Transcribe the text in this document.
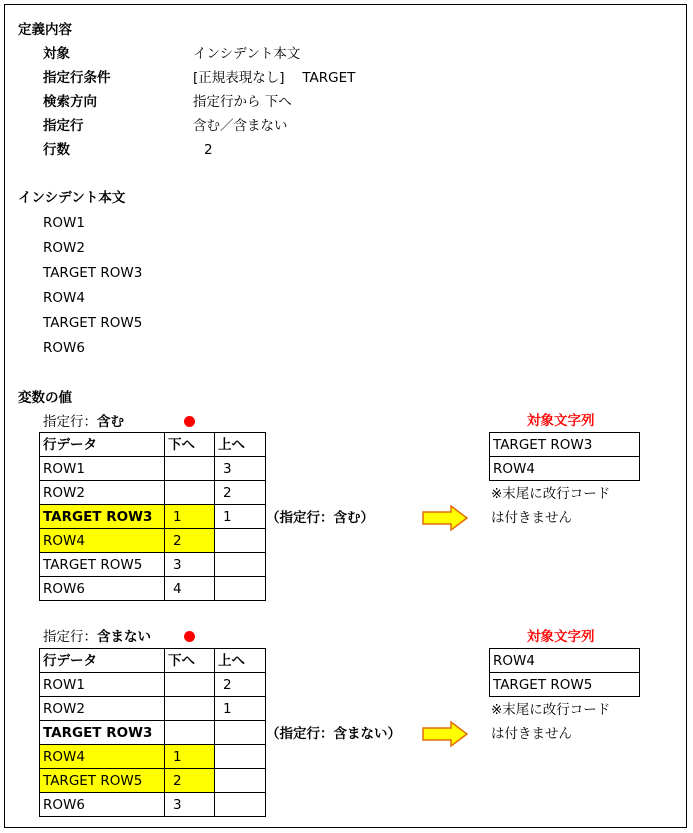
定義内容
対象	インシデント本文
指定行条件	[正規表現なし]　 TARGET
検索方向	指定行から 下へ
指定行	含む／含まない
行数	2
インシデント本文
ROW1
ROW2
TARGET ROW3
ROW4
TARGET ROW5
ROW6
変数の値
指定行：含む
行データ	下へ	上へ
ROW1		3
ROW2		2
TARGET ROW3	1	1
ROW4	2	
TARGET ROW5	3	
ROW6	4	
（指定行：含む）
対象文字列
TARGET ROW3
ROW4
※末尾に改行コード
は付きません
指定行：含まない
行データ	下へ	上へ
ROW1		2
ROW2		1
TARGET ROW3		
ROW4	1	
TARGET ROW5	2	
ROW6	3	
（指定行：含まない）
対象文字列
ROW4
TARGET ROW5
※末尾に改行コード
は付きません
